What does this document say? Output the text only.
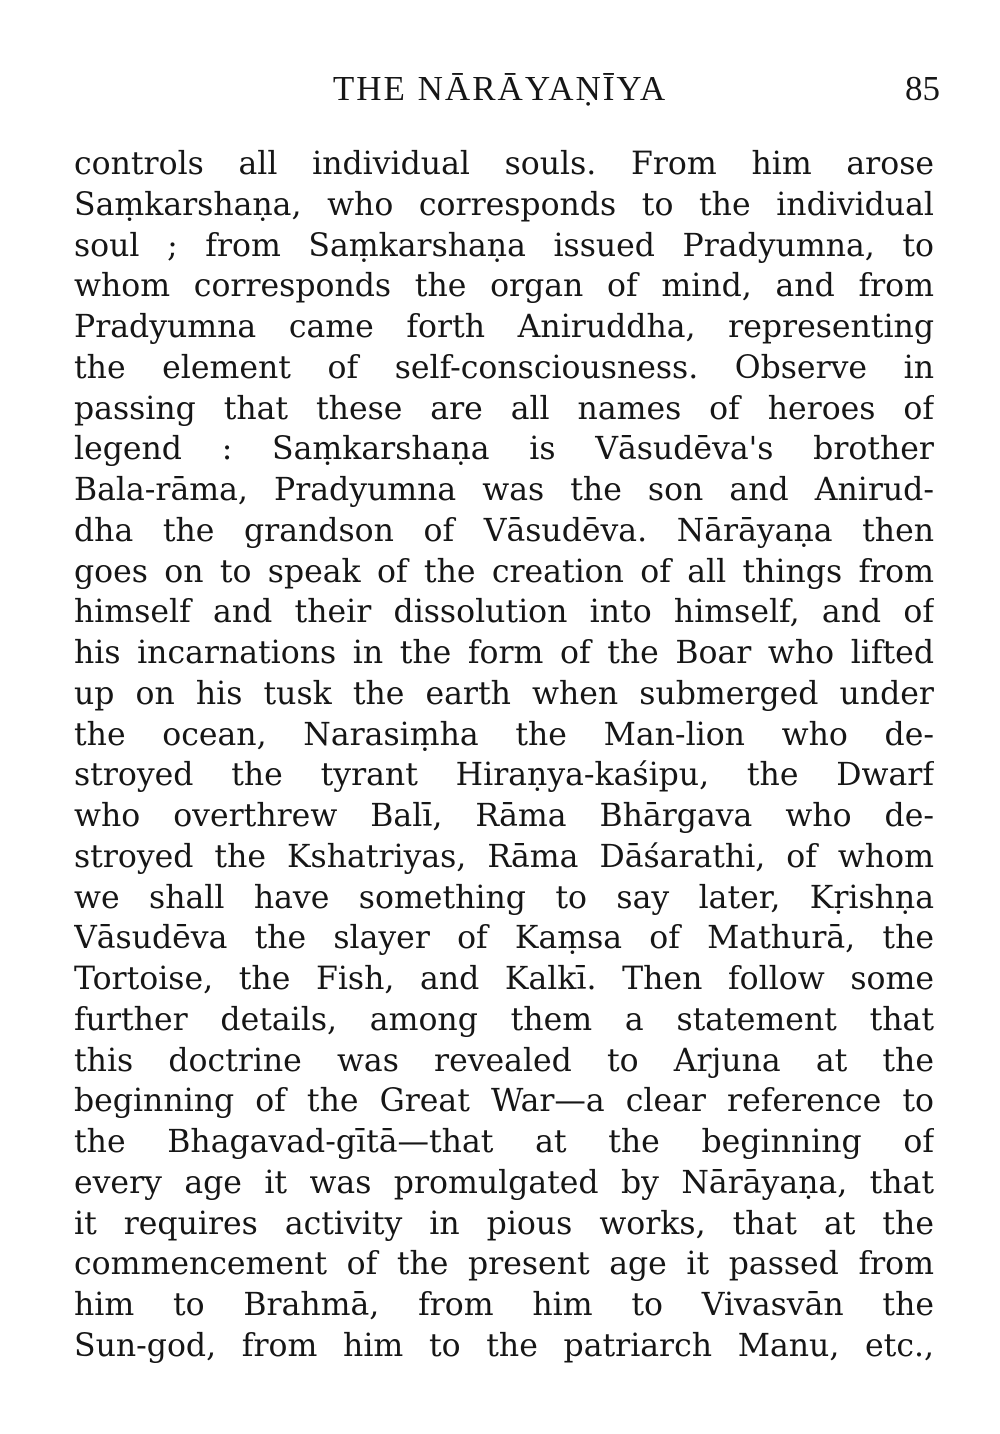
THE NĀRĀYAṆĪYA	85
controls all individual souls. From him arose
Saṃkarshaṇa, who corresponds to the individual
soul ; from Saṃkarshaṇa issued Pradyumna, to
whom corresponds the organ of mind, and from
Pradyumna came forth Aniruddha, representing
the element of self-consciousness. Observe in
passing that these are all names of heroes of
legend : Saṃkarshaṇa is Vāsudēva's brother
Bala-rāma, Pradyumna was the son and Anirud-
dha the grandson of Vāsudēva. Nārāyaṇa then
goes on to speak of the creation of all things from
himself and their dissolution into himself, and of
his incarnations in the form of the Boar who lifted
up on his tusk the earth when submerged under
the ocean, Narasiṃha the Man-lion who de-
stroyed the tyrant Hiraṇya-kaśipu, the Dwarf
who overthrew Balī, Rāma Bhārgava who de-
stroyed the Kshatriyas, Rāma Dāśarathi, of whom
we shall have something to say later, Kṛishṇa
Vāsudēva the slayer of Kaṃsa of Mathurā, the
Tortoise, the Fish, and Kalkī. Then follow some
further details, among them a statement that
this doctrine was revealed to Arjuna at the
beginning of the Great War—a clear reference to
the Bhagavad-gītā—that at the beginning of
every age it was promulgated by Nārāyaṇa, that
it requires activity in pious works, that at the
commencement of the present age it passed from
him to Brahmā, from him to Vivasvān the
Sun-god, from him to the patriarch Manu, etc.,
